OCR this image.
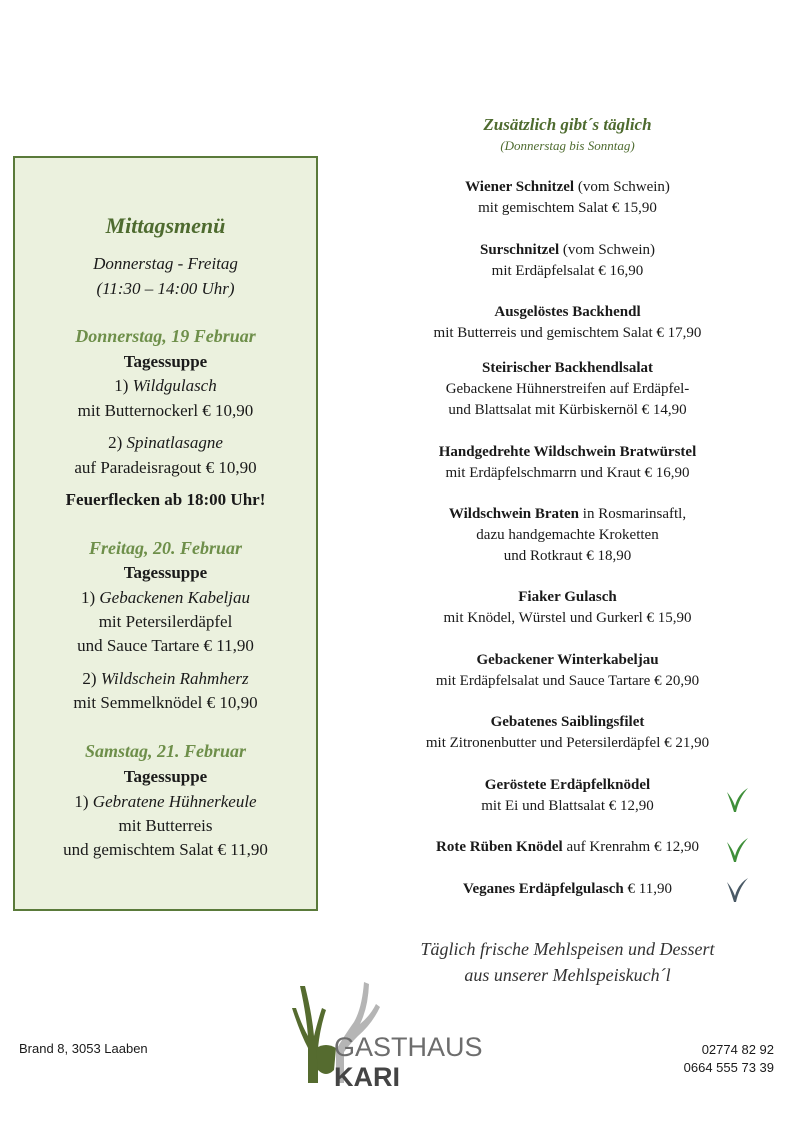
Mittagsmenü
Donnerstag - Freitag
(11:30 – 14:00 Uhr)
Donnerstag, 19 Februar
Tagessuppe
1) Wildgulasch
mit Butternockerl € 10,90
2) Spinatlasagne
auf Paradeisragout € 10,90
Feuerflecken ab 18:00 Uhr!
Freitag, 20. Februar
Tagessuppe
1) Gebackenen Kabeljau
mit Petersilerdäpfel
und Sauce Tartare € 11,90
2) Wildschein Rahmherz
mit Semmelknödel € 10,90
Samstag, 21. Februar
Tagessuppe
1) Gebratene Hühnerkeule
mit Butterreis
und gemischtem Salat € 11,90
Zusätzlich gibt´s täglich
(Donnerstag bis Sonntag)
Wiener Schnitzel (vom Schwein)
mit gemischtem Salat € 15,90
Surschnitzel (vom Schwein)
mit Erdäpfelsalat € 16,90
Ausgelöstes Backhendl
mit Butterreis und gemischtem Salat € 17,90
Steirischer Backhendlsalat
Gebackene Hühnerstreifen auf Erdäpfel-
und Blattsalat mit Kürbiskernöl € 14,90
Handgedrehte Wildschwein Bratwürstel
mit Erdäpfelschmarrn und Kraut € 16,90
Wildschwein Braten in Rosmarinsaftl,
dazu handgemachte Kroketten
und Rotkraut € 18,90
Fiaker Gulasch
mit Knödel, Würstel und Gurkerl € 15,90
Gebackener Winterkabeljau
mit Erdäpfelsalat und Sauce Tartare € 20,90
Gebatenes Saiblingsfilet
mit Zitronenbutter und Petersilerdäpfel € 21,90
Geröstete Erdäpfelknödel
mit Ei und Blattsalat € 12,90
Rote Rüben Knödel auf Krenrahm € 12,90
Veganes Erdäpfelgulasch € 11,90
Täglich frische Mehlspeisen und Dessert
aus unserer Mehlspeiskuch´l
GASTHAUS
KARI
Brand 8, 3053 Laaben	02774 82 92
0664 555 73 39
